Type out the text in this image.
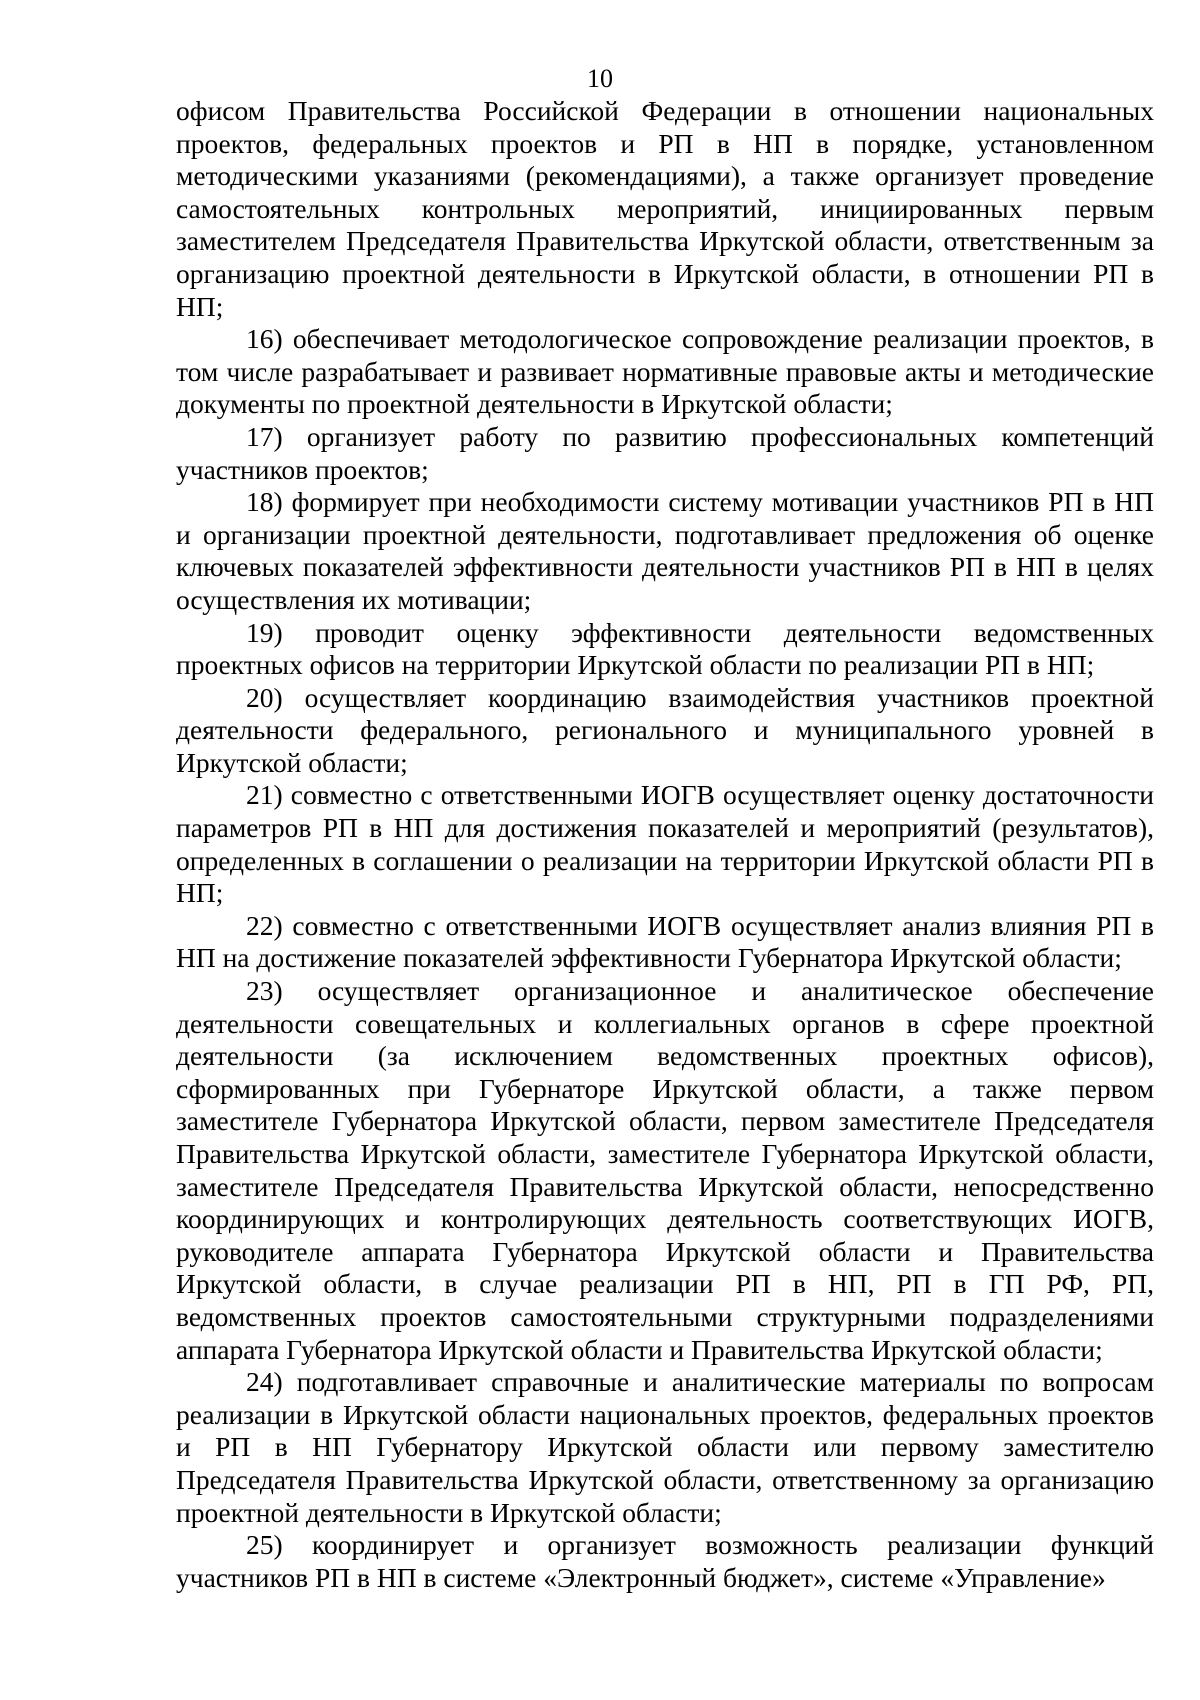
10

офисом Правительства Российской Федерации в отношении национальных проектов, федеральных проектов и РП в НП в порядке, установленном методическими указаниями (рекомендациями), а также организует проведение самостоятельных контрольных мероприятий, инициированных первым заместителем Председателя Правительства Иркутской области, ответственным за организацию проектной деятельности в Иркутской области, в отношении РП в НП;

16) обеспечивает методологическое сопровождение реализации проектов, в том числе разрабатывает и развивает нормативные правовые акты и методические документы по проектной деятельности в Иркутской области;

17) организует работу по развитию профессиональных компетенций участников проектов;

18) формирует при необходимости систему мотивации участников РП в НП и организации проектной деятельности, подготавливает предложения об оценке ключевых показателей эффективности деятельности участников РП в НП в целях осуществления их мотивации;

19) проводит оценку эффективности деятельности ведомственных проектных офисов на территории Иркутской области по реализации РП в НП;

20) осуществляет координацию взаимодействия участников проектной деятельности федерального, регионального и муниципального уровней в Иркутской области;

21) совместно с ответственными ИОГВ осуществляет оценку достаточности параметров РП в НП для достижения показателей и мероприятий (результатов), определенных в соглашении о реализации на территории Иркутской области РП в НП;

22) совместно с ответственными ИОГВ осуществляет анализ влияния РП в НП на достижение показателей эффективности Губернатора Иркутской области;

23) осуществляет организационное и аналитическое обеспечение деятельности совещательных и коллегиальных органов в сфере проектной деятельности (за исключением ведомственных проектных офисов), сформированных при Губернаторе Иркутской области, а также первом заместителе Губернатора Иркутской области, первом заместителе Председателя Правительства Иркутской области, заместителе Губернатора Иркутской области, заместителе Председателя Правительства Иркутской области, непосредственно координирующих и контролирующих деятельность соответствующих ИОГВ, руководителе аппарата Губернатора Иркутской области и Правительства Иркутской области, в случае реализации РП в НП, РП в ГП РФ, РП, ведомственных проектов самостоятельными структурными подразделениями аппарата Губернатора Иркутской области и Правительства Иркутской области;

24) подготавливает справочные и аналитические материалы по вопросам реализации в Иркутской области национальных проектов, федеральных проектов и РП в НП Губернатору Иркутской области или первому заместителю Председателя Правительства Иркутской области, ответственному за организацию проектной деятельности в Иркутской области;

25) координирует и организует возможность реализации функций участников РП в НП в системе «Электронный бюджет», системе «Управление»
